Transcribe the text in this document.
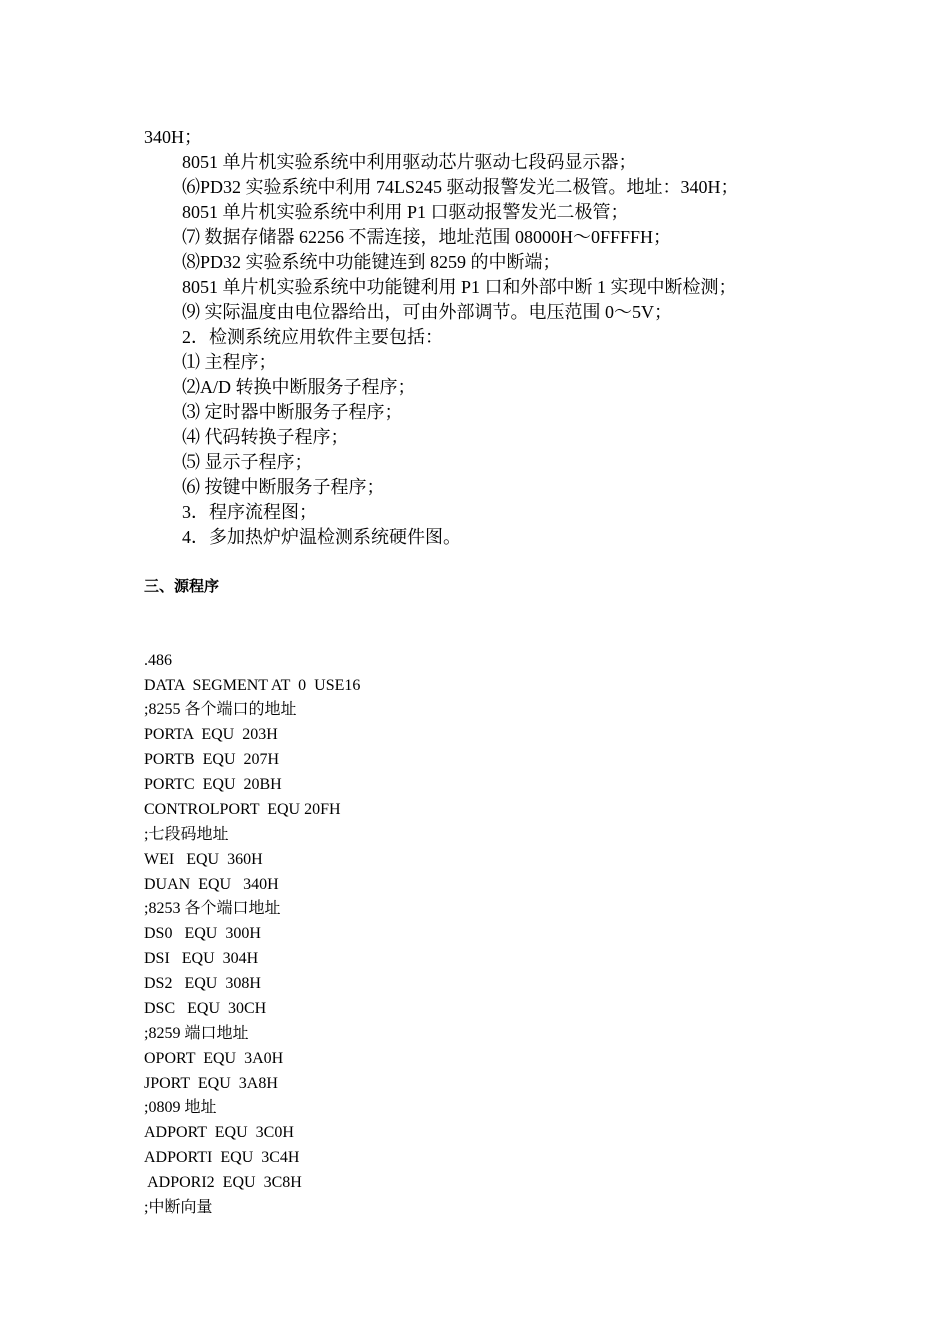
340H；
8051 单片机实验系统中利用驱动芯片驱动七段码显示器；
⑹PD32 实验系统中利用 74LS245 驱动报警发光二极管。地址：340H；
8051 单片机实验系统中利用 P1 口驱动报警发光二极管；
⑺ 数据存储器 62256 不需连接，地址范围 08000H～0FFFFH；
⑻PD32 实验系统中功能键连到 8259 的中断端；
8051 单片机实验系统中功能键利用 P1 口和外部中断 1 实现中断检测；
⑼ 实际温度由电位器给出，可由外部调节。电压范围 0～5V；
2．检测系统应用软件主要包括：
⑴ 主程序；
⑵A/D 转换中断服务子程序；
⑶ 定时器中断服务子程序；
⑷ 代码转换子程序；
⑸ 显示子程序；
⑹ 按键中断服务子程序；
3．程序流程图；
4．多加热炉炉温检测系统硬件图。
三、源程序
.486
DATA  SEGMENT AT  0  USE16
;8255 各个端口的地址
PORTA  EQU  203H
PORTB  EQU  207H
PORTC  EQU  20BH
CONTROLPORT  EQU 20FH
;七段码地址
WEI   EQU  360H
DUAN  EQU   340H
;8253 各个端口地址
DS0   EQU  300H
DSI   EQU  304H
DS2   EQU  308H
DSC   EQU  30CH
;8259 端口地址
OPORT  EQU  3A0H
JPORT  EQU  3A8H
;0809 地址
ADPORT  EQU  3C0H
ADPORTI  EQU  3C4H
ADPORI2  EQU  3C8H
;中断向量
